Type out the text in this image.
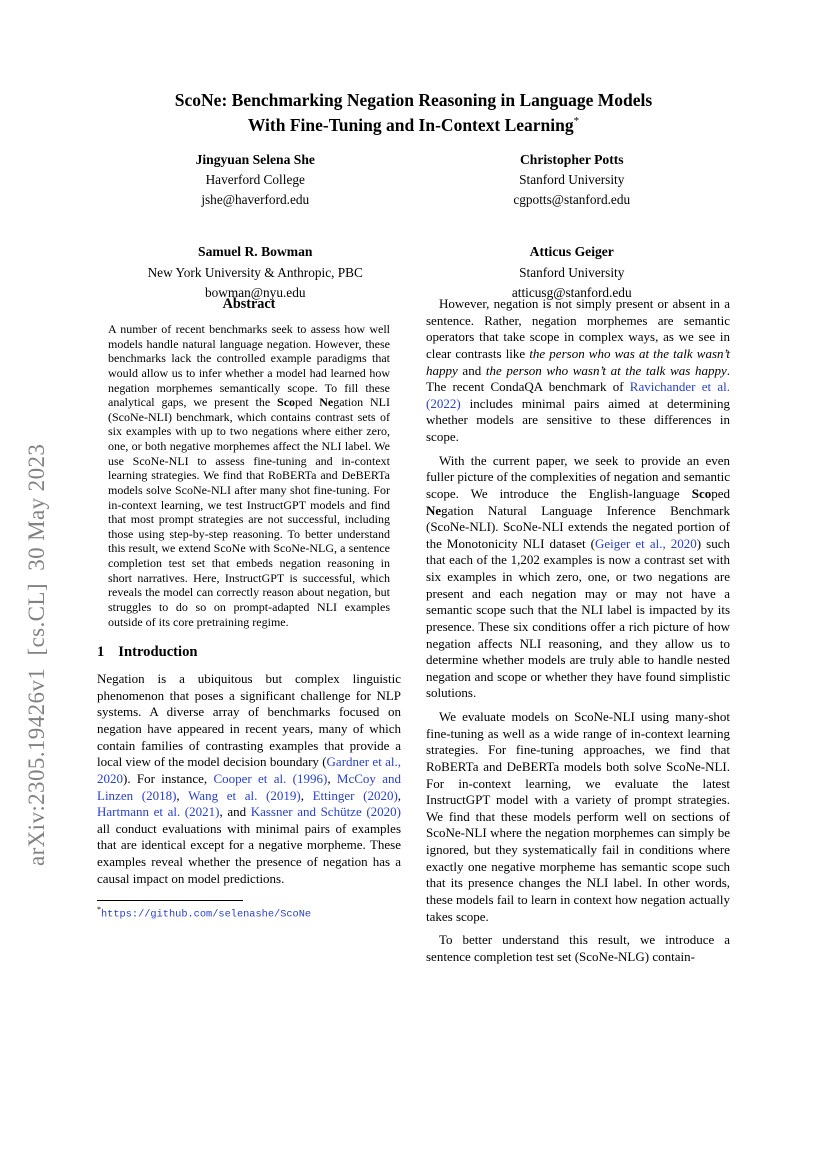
arXiv:2305.19426v1  [cs.CL]  30 May 2023
ScoNe: Benchmarking Negation Reasoning in Language Models
With Fine-Tuning and In-Context Learning*
Jingyuan Selena She
Haverford College
jshe@haverford.edu
Christopher Potts
Stanford University
cgpotts@stanford.edu
Samuel R. Bowman
New York University & Anthropic, PBC
bowman@nyu.edu
Atticus Geiger
Stanford University
atticusg@stanford.edu
Abstract
A number of recent benchmarks seek to assess how well models handle natural language negation. However, these benchmarks lack the controlled example paradigms that would allow us to infer whether a model had learned how negation morphemes semantically scope. To fill these analytical gaps, we present the Scoped Negation NLI (ScoNe-NLI) benchmark, which contains contrast sets of six examples with up to two negations where either zero, one, or both negative morphemes affect the NLI label. We use ScoNe-NLI to assess fine-tuning and in-context learning strategies. We find that RoBERTa and DeBERTa models solve ScoNe-NLI after many shot fine-tuning. For in-context learning, we test InstructGPT models and find that most prompt strategies are not successful, including those using step-by-step reasoning. To better understand this result, we extend ScoNe with ScoNe-NLG, a sentence completion test set that embeds negation reasoning in short narratives. Here, InstructGPT is successful, which reveals the model can correctly reason about negation, but struggles to do so on prompt-adapted NLI examples outside of its core pretraining regime.
1 Introduction
Negation is a ubiquitous but complex linguistic phenomenon that poses a significant challenge for NLP systems. A diverse array of benchmarks focused on negation have appeared in recent years, many of which contain families of contrasting examples that provide a local view of the model decision boundary (Gardner et al., 2020). For instance, Cooper et al. (1996), McCoy and Linzen (2018), Wang et al. (2019), Ettinger (2020), Hartmann et al. (2021), and Kassner and Schütze (2020) all conduct evaluations with minimal pairs of examples that are identical except for a negative morpheme. These examples reveal whether the presence of negation has a causal impact on model predictions.
*https://github.com/selenashe/ScoNe
However, negation is not simply present or absent in a sentence. Rather, negation morphemes are semantic operators that take scope in complex ways, as we see in clear contrasts like the person who was at the talk wasn’t happy and the person who wasn’t at the talk was happy. The recent CondaQA benchmark of Ravichander et al. (2022) includes minimal pairs aimed at determining whether models are sensitive to these differences in scope.
With the current paper, we seek to provide an even fuller picture of the complexities of negation and semantic scope. We introduce the English-language Scoped Negation Natural Language Inference Benchmark (ScoNe-NLI). ScoNe-NLI extends the negated portion of the Monotonicity NLI dataset (Geiger et al., 2020) such that each of the 1,202 examples is now a contrast set with six examples in which zero, one, or two negations are present and each negation may or may not have a semantic scope such that the NLI label is impacted by its presence. These six conditions offer a rich picture of how negation affects NLI reasoning, and they allow us to determine whether models are truly able to handle nested negation and scope or whether they have found simplistic solutions.
We evaluate models on ScoNe-NLI using many-shot fine-tuning as well as a wide range of in-context learning strategies. For fine-tuning approaches, we find that RoBERTa and DeBERTa models both solve ScoNe-NLI. For in-context learning, we evaluate the latest InstructGPT model with a variety of prompt strategies. We find that these models perform well on sections of ScoNe-NLI where the negation morphemes can simply be ignored, but they systematically fail in conditions where exactly one negative morpheme has semantic scope such that its presence changes the NLI label. In other words, these models fail to learn in context how negation actually takes scope.
To better understand this result, we introduce a sentence completion test set (ScoNe-NLG) contain-
